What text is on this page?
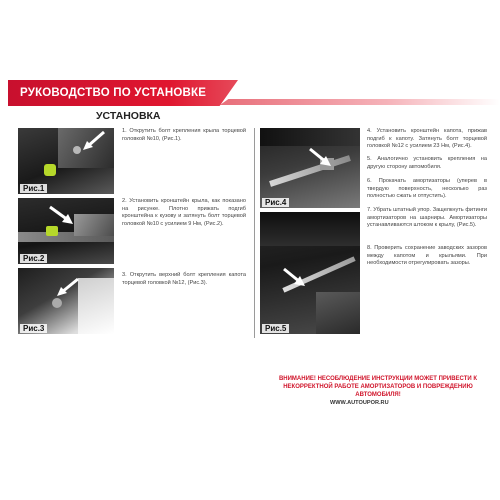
РУКОВОДСТВО ПО УСТАНОВКЕ
УСТАНОВКА
Рис.1
Рис.2
Рис.3
Рис.4
Рис.5

1. Открутить болт крепления крыла торцевой головкой №10, (Рис.1).

2. Установить кронштейн крыла, как показано на рисунке. Плотно прижать подгиб кронштейна к кузову и затянуть болт торцевой головкой №10 с усилием 9 Нм, (Рис.2).

3. Открутить верхний болт крепления капота торцевой головкой №12, (Рис.3).

4. Установить кронштейн капота, прижав подгиб к капоту. Затянуть болт торцевой головкой №12 с усилием 23 Нм, (Рис.4).

5. Аналогично установить крепления на другую сторону автомобиля.

6. Прокачать амортизаторы (уперев в твердую поверхность, несколько раз полностью сжать и отпустить).

7. Убрать штатный упор. Защелкнуть фитинги амортизаторов на шарниры. Амортизаторы устанавливаются штоком к крылу, (Рис.5).

8. Проверить сохранение заводских зазоров между капотом и крыльями. При необходимости отрегулировать зазоры.

ВНИМАНИЕ! НЕСОБЛЮДЕНИЕ ИНСТРУКЦИИ МОЖЕТ ПРИВЕСТИ К НЕКОРРЕКТНОЙ РАБОТЕ АМОРТИЗАТОРОВ И ПОВРЕЖДЕНИЮ АВТОМОБИЛЯ!
WWW.AUTOUPOR.RU
